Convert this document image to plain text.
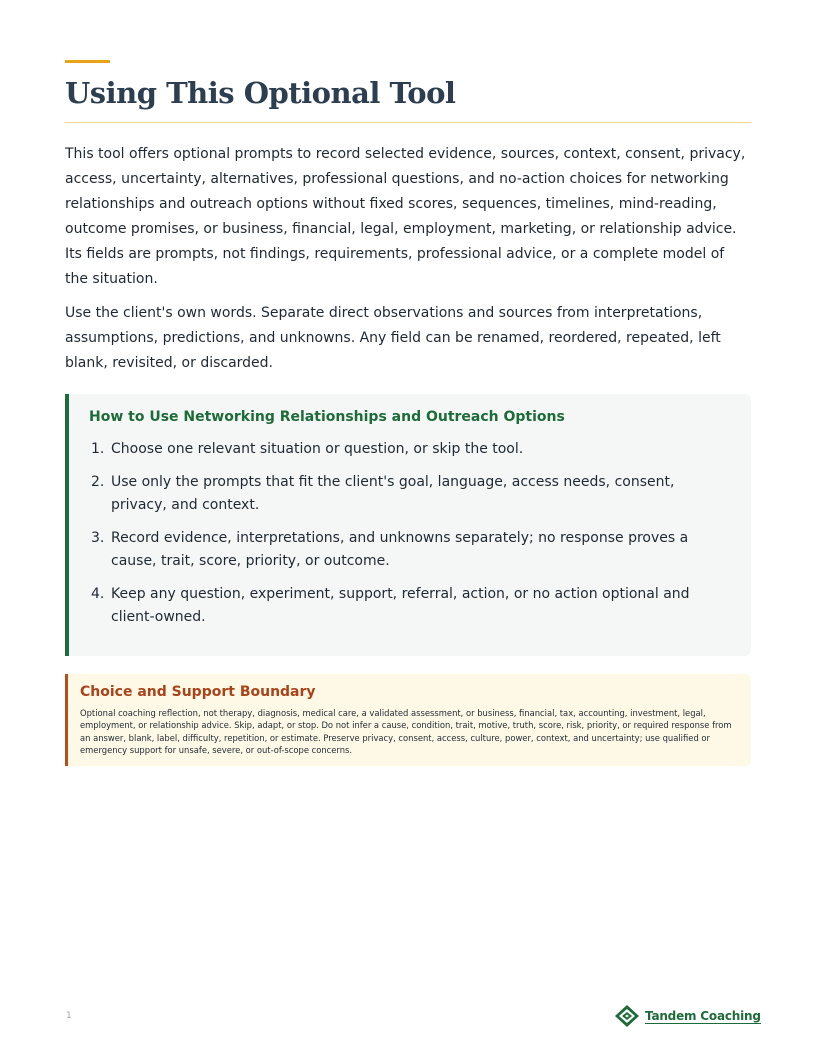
Using This Optional Tool

This tool offers optional prompts to record selected evidence, sources, context, consent, privacy, access, uncertainty, alternatives, professional questions, and no-action choices for networking relationships and outreach options without fixed scores, sequences, timelines, mind-reading, outcome promises, or business, financial, legal, employment, marketing, or relationship advice. Its fields are prompts, not findings, requirements, professional advice, or a complete model of the situation.

Use the client's own words. Separate direct observations and sources from interpretations, assumptions, predictions, and unknowns. Any field can be renamed, reordered, repeated, left blank, revisited, or discarded.

How to Use Networking Relationships and Outreach Options
1. Choose one relevant situation or question, or skip the tool.
2. Use only the prompts that fit the client's goal, language, access needs, consent, privacy, and context.
3. Record evidence, interpretations, and unknowns separately; no response proves a cause, trait, score, priority, or outcome.
4. Keep any question, experiment, support, referral, action, or no action optional and client-owned.
Choice and Support Boundary

Optional coaching reflection, not therapy, diagnosis, medical care, a validated assessment, or business, financial, tax, accounting, investment, legal, employment, or relationship advice. Skip, adapt, or stop. Do not infer a cause, condition, trait, motive, truth, score, risk, priority, or required response from an answer, blank, label, difficulty, repetition, or estimate. Preserve privacy, consent, access, culture, power, context, and uncertainty; use qualified or emergency support for unsafe, severe, or out-of-scope concerns.

1	Tandem Coaching
